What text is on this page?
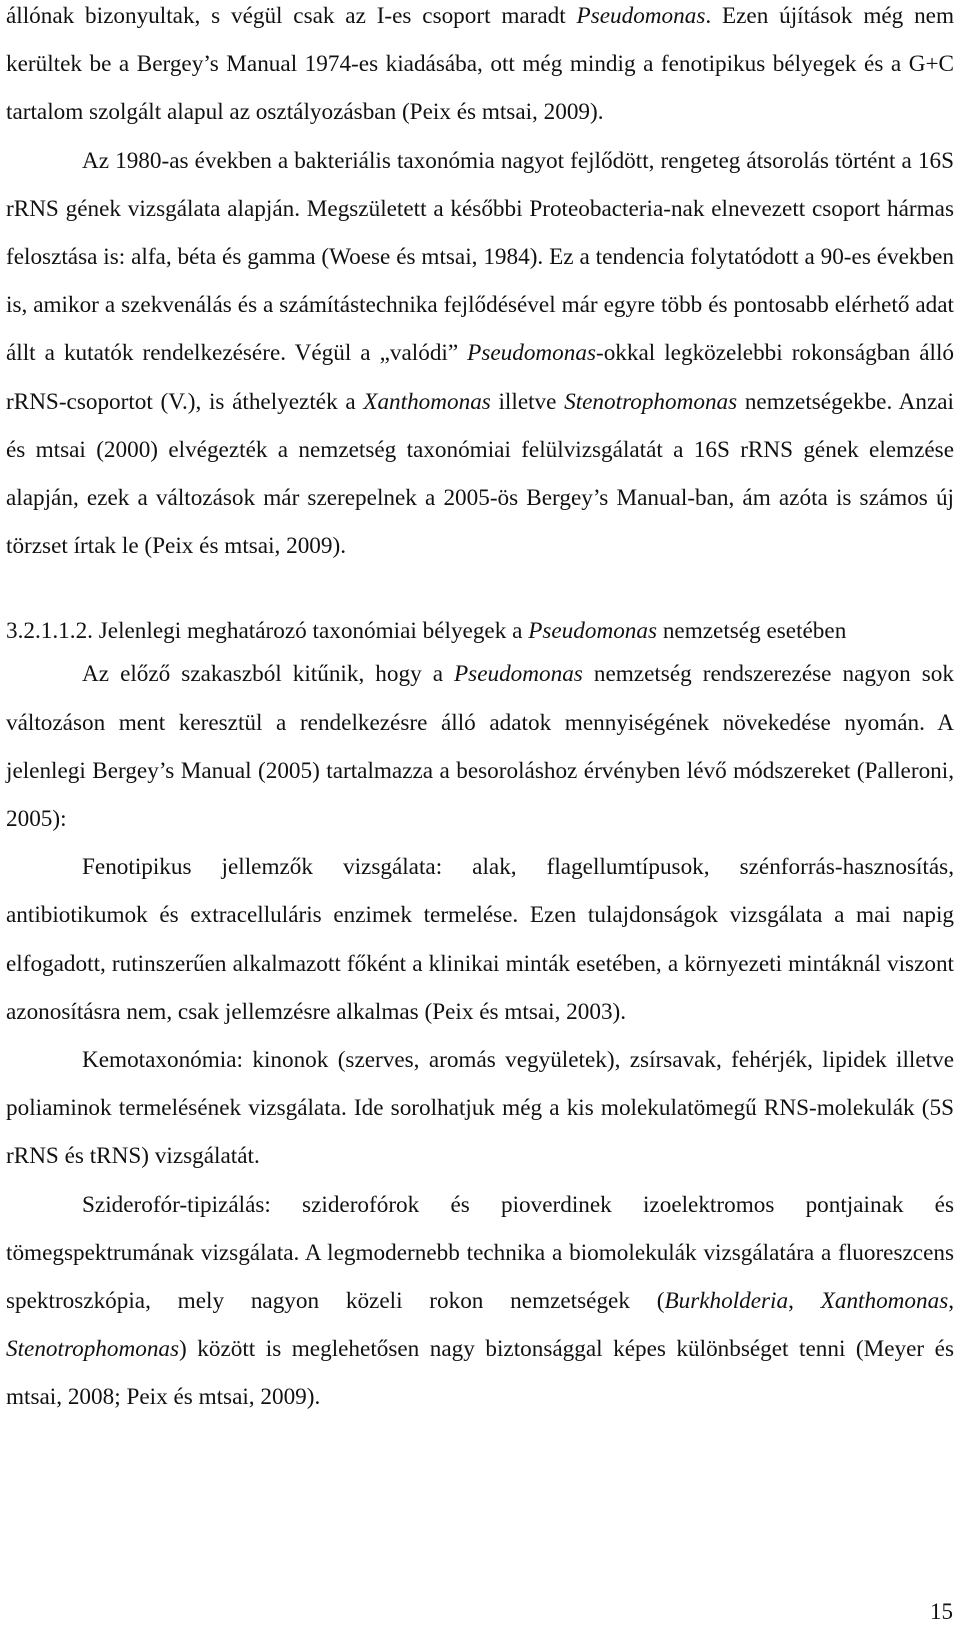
állónak bizonyultak, s végül csak az I-es csoport maradt Pseudomonas. Ezen újítások még nem kerültek be a Bergey’s Manual 1974-es kiadásába, ott még mindig a fenotipikus bélyegek és a G+C tartalom szolgált alapul az osztályozásban (Peix és mtsai, 2009).

Az 1980-as években a bakteriális taxonómia nagyot fejlődött, rengeteg átsorolás történt a 16S rRNS gének vizsgálata alapján. Megszületett a későbbi Proteobacteria-nak elnevezett csoport hármas felosztása is: alfa, béta és gamma (Woese és mtsai, 1984). Ez a tendencia folytatódott a 90-es években is, amikor a szekvenálás és a számítástechnika fejlődésével már egyre több és pontosabb elérhető adat állt a kutatók rendelkezésére. Végül a „valódi” Pseudomonas-okkal legközelebbi rokonságban álló rRNS-csoportot (V.), is áthelyezték a Xanthomonas illetve Stenotrophomonas nemzetségekbe. Anzai és mtsai (2000) elvégezték a nemzetség taxonómiai felülvizsgálatát a 16S rRNS gének elemzése alapján, ezek a változások már szerepelnek a 2005-ös Bergey’s Manual-ban, ám azóta is számos új törzset írtak le (Peix és mtsai, 2009).

3.2.1.1.2. Jelenlegi meghatározó taxonómiai bélyegek a Pseudomonas nemzetség esetében

Az előző szakaszból kitűnik, hogy a Pseudomonas nemzetség rendszerezése nagyon sok változáson ment keresztül a rendelkezésre álló adatok mennyiségének növekedése nyomán. A jelenlegi Bergey’s Manual (2005) tartalmazza a besoroláshoz érvényben lévő módszereket (Palleroni, 2005):

Fenotipikus jellemzők vizsgálata: alak, flagellumtípusok, szénforrás-hasznosítás, antibiotikumok és extracelluláris enzimek termelése. Ezen tulajdonságok vizsgálata a mai napig elfogadott, rutinszerűen alkalmazott főként a klinikai minták esetében, a környezeti mintáknál viszont azonosításra nem, csak jellemzésre alkalmas (Peix és mtsai, 2003).

Kemotaxonómia: kinonok (szerves, aromás vegyületek), zsírsavak, fehérjék, lipidek illetve poliaminok termelésének vizsgálata. Ide sorolhatjuk még a kis molekulatömegű RNS-molekulák (5S rRNS és tRNS) vizsgálatát.

Sziderofór-tipizálás: sziderofórok és pioverdinek izoelektromos pontjainak és tömegspektrumának vizsgálata. A legmodernebb technika a biomolekulák vizsgálatára a fluoreszcens spektroszkópia, mely nagyon közeli rokon nemzetségek (Burkholderia, Xanthomonas, Stenotrophomonas) között is meglehetősen nagy biztonsággal képes különbséget tenni (Meyer és mtsai, 2008; Peix és mtsai, 2009).

15
